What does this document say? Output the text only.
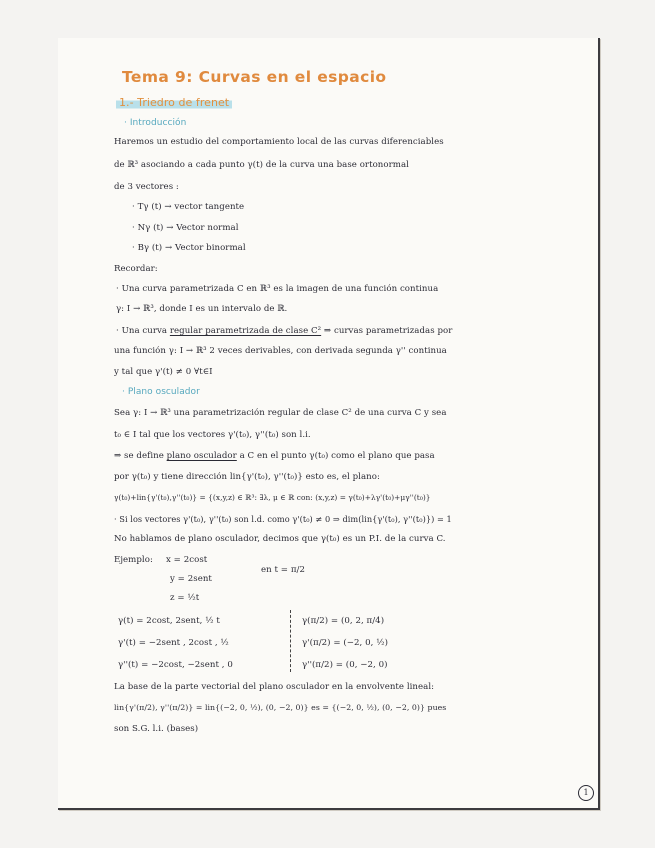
Tema 9: Curvas en el espacio
1.- Triedro de frenet
· Introducción
Haremos un estudio del comportamiento local de las curvas diferenciables
de ℝ³ asociando a cada punto γ(t) de la curva una base ortonormal
de 3 vectores :
· Tγ (t) → vector tangente
· Nγ (t) → Vector normal
· Bγ (t) → Vector binormal
Recordar:
· Una curva parametrizada C en ℝ³ es la imagen de una función continua
γ: I → ℝ³, donde I es un intervalo de ℝ.
· Una curva regular parametrizada de clase C² ⇒ curvas parametrizadas por
una función γ: I → ℝ³ 2 veces derivables, con derivada segunda γ'' continua
y tal que γ'(t) ≠ 0 ∀t∈I
· Plano osculador
Sea γ: I → ℝ³ una parametrización regular de clase C² de una curva C y sea
t₀ ∈ I tal que los vectores γ'(t₀), γ''(t₀) son l.i.
⇒ se define plano osculador a C en el punto γ(t₀) como el plano que pasa
por γ(t₀) y tiene dirección lin{γ'(t₀), γ''(t₀)} esto es, el plano:
γ(t₀)+lin{γ'(t₀),γ''(t₀)} = {(x,y,z) ∈ ℝ³: ∃λ, μ ∈ ℝ con: (x,y,z) = γ(t₀)+λγ'(t₀)+μγ''(t₀)}
· Si los vectores γ'(t₀), γ''(t₀) son l.d. como γ'(t₀) ≠ 0 ⇒ dim(lin{γ'(t₀), γ''(t₀)}) = 1
No hablamos de plano osculador, decimos que γ(t₀) es un P.I. de la curva C.
Ejemplo: x = 2cost
y = 2sent
z = ½t
en t = π/2
γ(t) = 2cost, 2sent, ½ t
γ'(t) = −2sent , 2cost , ½
γ''(t) = −2cost, −2sent , 0
γ(π/2) = (0, 2, π/4)
γ'(π/2) = (−2, 0, ½)
γ''(π/2) = (0, −2, 0)
La base de la parte vectorial del plano osculador en la envolvente lineal:
lin{γ'(π/2), γ''(π/2)} = lin{(−2, 0, ½), (0, −2, 0)} es = {(−2, 0, ½), (0, −2, 0)} pues
son S.G. l.i. (bases)
1
